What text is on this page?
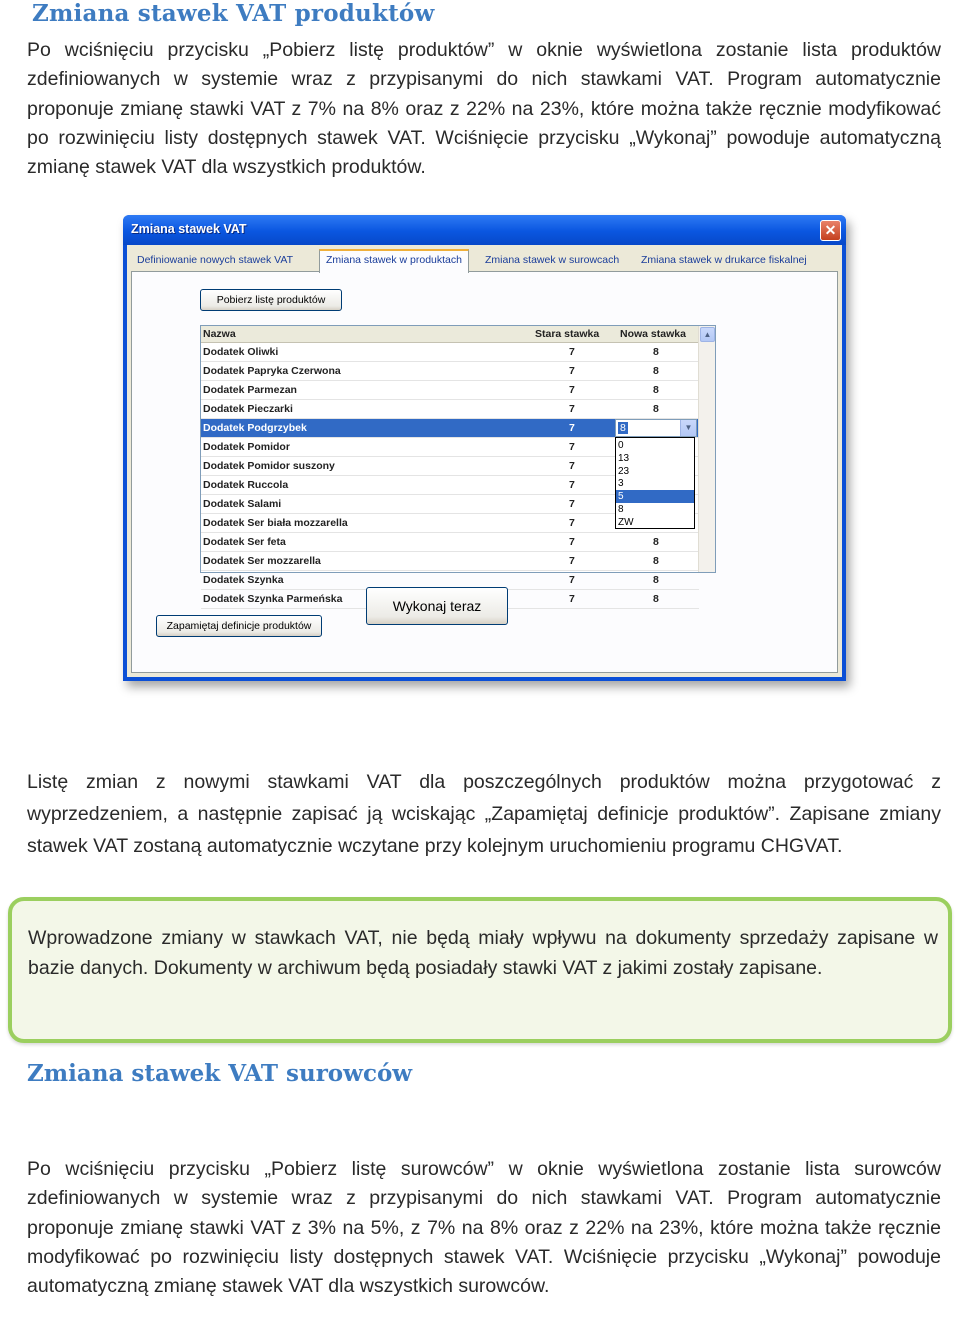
Zmiana stawek VAT produktów

Po wciśnięciu przycisku „Pobierz listę produktów” w oknie wyświetlona zostanie lista produktów zdefiniowanych w systemie wraz z przypisanymi do nich stawkami VAT. Program automatycznie proponuje zmianę stawki VAT z 7% na 8% oraz z 22% na 23%, które można także ręcznie modyfikować po rozwinięciu listy dostępnych stawek VAT. Wciśnięcie przycisku „Wykonaj” powoduje automatyczną zmianę stawek VAT dla wszystkich produktów.

Zmiana stawek VAT	✕
Definiowanie nowych stawek VAT	Zmiana stawek w produktach	Zmiana stawek w surowcach	Zmiana stawek w drukarce fiskalnej
Pobierz listę produktów
Nazwa	Stara stawka Nowa stawka
Dodatek Oliwki	7	8
Dodatek Papryka Czerwona	7	8
Dodatek Parmezan	7	8
Dodatek Pieczarki	7	8
Dodatek Podgrzybek	7
Dodatek Pomidor	7
Dodatek Pomidor suszony	7
Dodatek Ruccola	7
Dodatek Salami	7
Dodatek Ser biała mozzarella	7
Dodatek Ser feta	7	8
Dodatek Ser mozzarella	7	8
Dodatek Szynka	7	8
Dodatek Szynka Parmeńska	7	8
▲
8	▼
0
13
23
3
5
8
ZW
Wykonaj teraz
Zapamiętaj definicje produktów

Listę zmian z nowymi stawkami VAT dla poszczególnych produktów można przygotować z wyprzedzeniem, a następnie zapisać ją wciskając „Zapamiętaj definicje produktów”. Zapisane zmiany stawek VAT zostaną automatycznie wczytane przy kolejnym uruchomieniu programu CHGVAT.

Wprowadzone zmiany w stawkach VAT, nie będą miały wpływu na dokumenty sprzedaży zapisane w bazie danych. Dokumenty w archiwum będą posiadały stawki VAT z jakimi zostały zapisane.

Zmiana stawek VAT surowców

Po wciśnięciu przycisku „Pobierz listę surowców” w oknie wyświetlona zostanie lista surowców zdefiniowanych w systemie wraz z przypisanymi do nich stawkami VAT. Program automatycznie proponuje zmianę stawki VAT z 3% na 5%, z 7% na 8% oraz z 22% na 23%, które można także ręcznie modyfikować po rozwinięciu listy dostępnych stawek VAT. Wciśnięcie przycisku „Wykonaj” powoduje automatyczną zmianę stawek VAT dla wszystkich surowców.
